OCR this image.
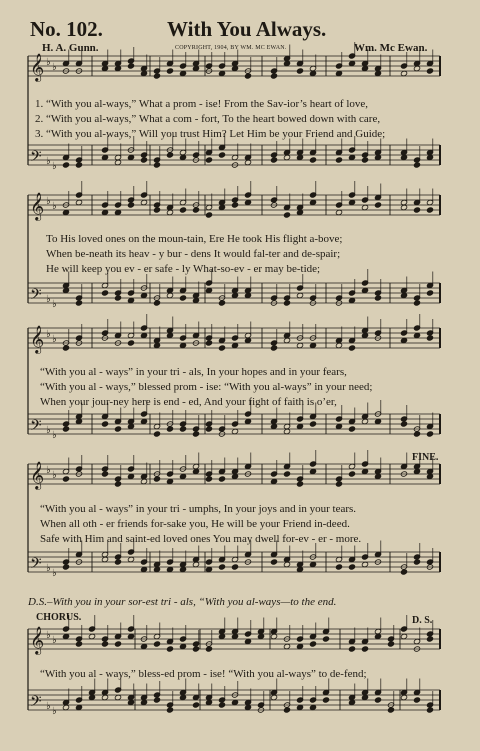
𝄞 ♭ ♭
𝄢 ♭ ♭
𝄞 ♭ ♭
𝄢 ♭ ♭
𝄞 ♭ ♭
𝄢 ♭ ♭
𝄞 ♭ ♭
𝄢 ♭ ♭
𝄞 ♭ ♭
𝄢 ♭ ♭
No. 102.	With You Always.
H. A. Gunn.	COPYRIGHT, 1904, BY WM. MC EWAN.	Wm. Mc Ewan.
1. “With you al-ways,” What a prom - ise! From the Sav-ior’s heart of love,
2. “With you al-ways,” What a com - fort, To the heart bowed down with care,
3. “With you al-ways,” Will you trust Him? Let Him be your Friend and Guide;
To His loved ones on the moun-tain, Ere He took His flight a-bove;
When be-neath its heav - y bur - dens It would fal-ter and de-spair;
He will keep you ev - er safe - ly What-so-ev - er may be-tide;
“With you al - ways” in your tri - als, In your hopes and in your fears,
“With you al - ways,” blessed prom - ise: “With you al-ways” in your need;
When your jour-ney here is end - ed, And your fight of faith is o’er,
“With you al - ways” in your tri - umphs, In your joys and in your tears.
When all oth - er friends for-sake you, He will be your Friend in-deed.
Safe with Him and saint-ed loved ones You may dwell for-ev - er - more.
D.S.–With you in your sor-est tri - als, “With you al-ways—to the end.
“With you al - ways,” bless-ed prom - ise! “With you al-ways” to de-fend;
FINE.
CHORUS.	D. S.
